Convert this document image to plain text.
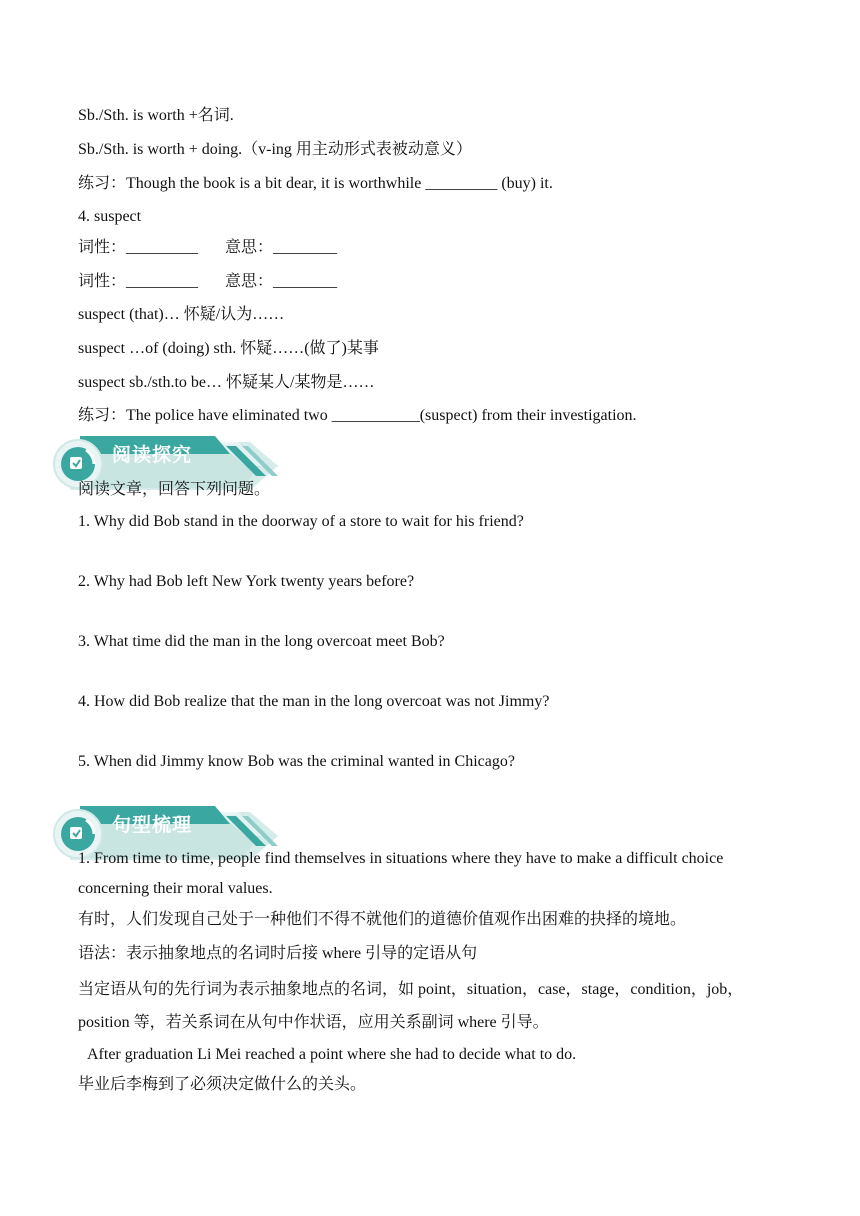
Sb./Sth. is worth +名词.
Sb./Sth. is worth + doing.（v-ing 用主动形式表被动意义）
练习：Though the book is a bit dear, it is worthwhile _________ (buy) it.
4. suspect
词性：_________ 意思：________
词性：_________ 意思：________
suspect (that)… 怀疑/认为……
suspect …of (doing) sth. 怀疑……(做了)某事
suspect sb./sth.to be… 怀疑某人/某物是……
练习：The police have eliminated two ___________(suspect) from their investigation.
阅读探究
阅读文章，回答下列问题。
1. Why did Bob stand in the doorway of a store to wait for his friend?
2. Why had Bob left New York twenty years before?
3. What time did the man in the long overcoat meet Bob?
4. How did Bob realize that the man in the long overcoat was not Jimmy?
5. When did Jimmy know Bob was the criminal wanted in Chicago?
句型梳理
1. From time to time, people find themselves in situations where they have to make a difficult choice concerning their moral values.
有时，人们发现自己处于一种他们不得不就他们的道德价值观作出困难的抉择的境地。
语法：表示抽象地点的名词时后接 where 引导的定语从句
当定语从句的先行词为表示抽象地点的名词，如 point，situation，case，stage，condition，job，position 等，若关系词在从句中作状语，应用关系副词 where 引导。
After graduation Li Mei reached a point where she had to decide what to do.
毕业后李梅到了必须决定做什么的关头。
